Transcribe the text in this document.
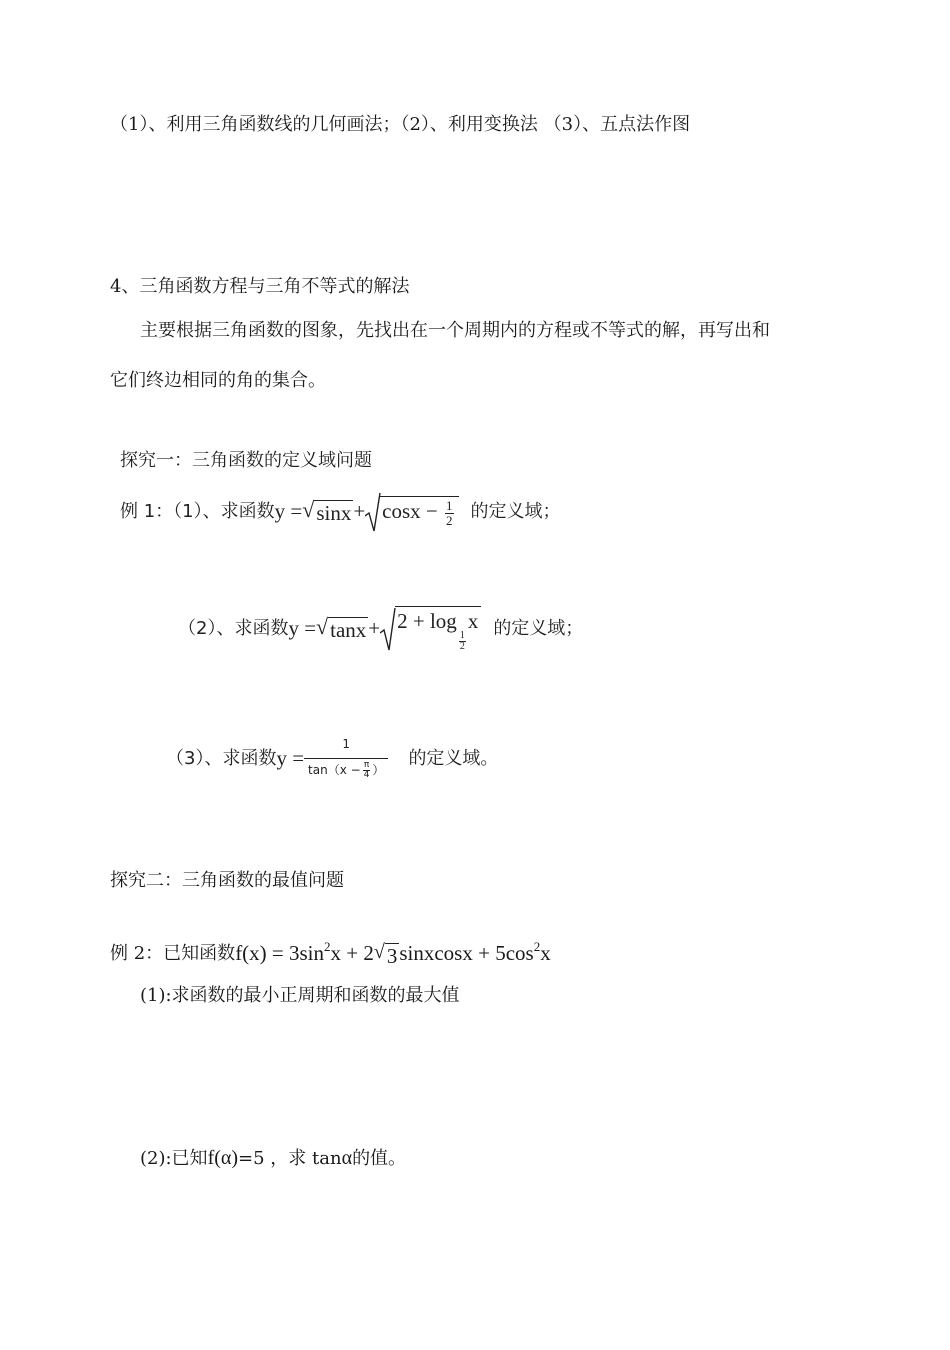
（1）、利用三角函数线的几何画法；（2）、利用变换法 （3）、五点法作图
4、三角函数方程与三角不等式的解法
主要根据三角函数的图象，先找出在一个周期内的方程或不等式的解，再写出和
它们终边相同的角的集合。
探究一：三角函数的定义域问题
例 1：（1）、求函数 $y = √\sin x + \cos x - \frac{1}{2}$ 的定义域；
（2）、求函数 y = √tanx + 2 + log
$\frac{1}{2}$
x 的定义域；
（3）、求函数 $y = \frac{1}{\tan(x - \frac{\pi}{4} )}$ 的定义域。
探究二：三角函数的最值问题
例 2：已知函数 $f(x) = 3\sin^2x$ + 2√3sinxcosx + $5\cos^2x$
(1):求函数的最小正周期和函数的最大值
(2):已知f(α)=5 ，求 tanα的值。
